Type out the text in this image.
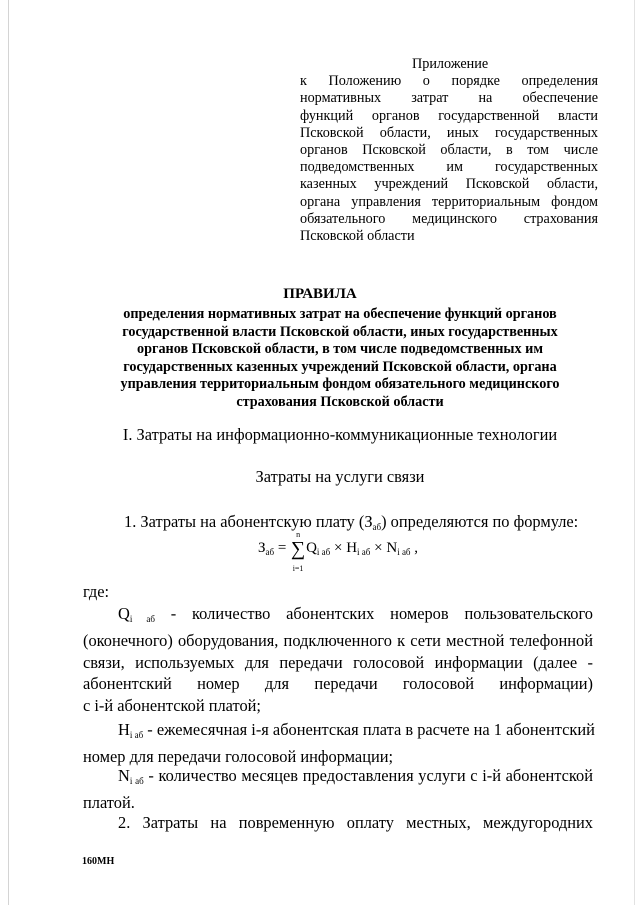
Приложение
к Положению о порядке определения
нормативных затрат на обеспечение
функций органов государственной власти
Псковской области, иных государственных
органов Псковской области, в том числе
подведомственных им государственных
казенных учреждений Псковской области,
органа управления территориальным фондом
обязательного медицинского страхования
Псковской области
ПРАВИЛА
определения нормативных затрат на обеспечение функций органов
государственной власти Псковской области, иных государственных
органов Псковской области, в том числе подведомственных им
государственных казенных учреждений Псковской области, органа
управления территориальным фондом обязательного медицинского
страхования Псковской области
I. Затраты на информационно-коммуникационные технологии
Затраты на услуги связи
1. Затраты на абонентскую плату $(З_{аб})$ определяются по формуле:
$З_{аб}$ =
n
∑
i=1
$Q_{i аб} \times H_{i аб} \times N_{i аб}$ ,
где:
$Q_{i аб}$ - количество абонентских номеров пользовательского
(оконечного) оборудования, подключенного к сети местной телефонной
связи, используемых для передачи голосовой информации (далее -
абонентский номер для передачи голосовой информации)
с i-й абонентской платой;
$H_{i аб}$ - ежемесячная i-я абонентская плата в расчете на 1 абонентский
номер для передачи голосовой информации;
$N_{i аб}$ - количество месяцев предоставления услуги с i-й абонентской
платой.
2. Затраты на повременную оплату местных, междугородних
160МН
